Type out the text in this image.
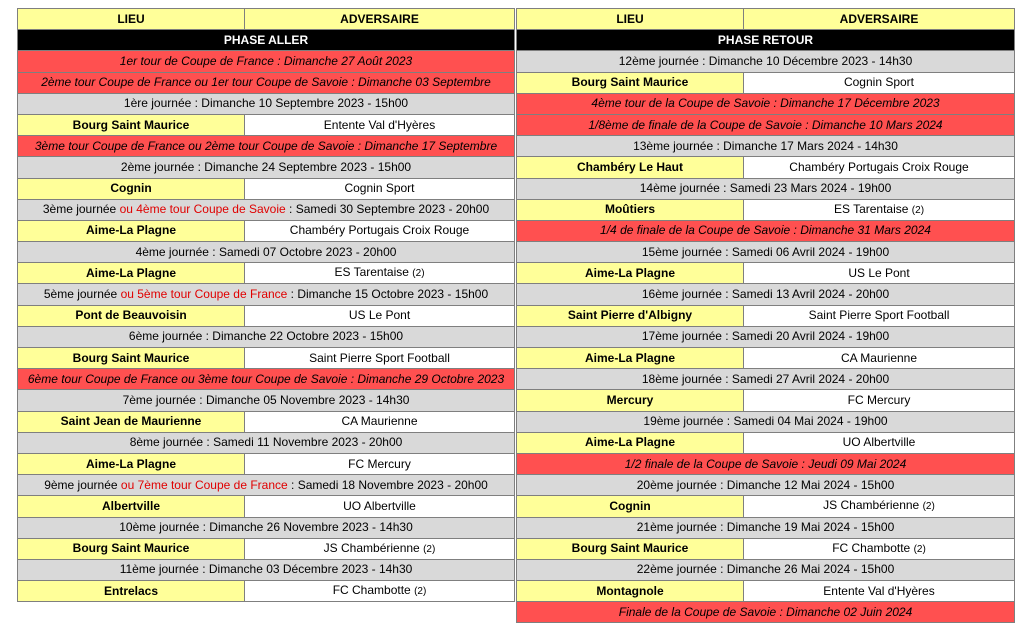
LIEU	ADVERSAIRE
PHASE ALLER	
1er tour de Coupe de France : Dimanche 27 Août 2023	
2ème tour Coupe de France ou 1er tour Coupe de Savoie : Dimanche 03 Septembre	
1ère journée : Dimanche 10 Septembre 2023 - 15h00	
Bourg Saint Maurice	Entente Val d'Hyères
3ème tour Coupe de France ou 2ème tour Coupe de Savoie : Dimanche 17 Septembre	
2ème journée : Dimanche 24 Septembre 2023 - 15h00	
Cognin	Cognin Sport
3ème journée ou 4ème tour Coupe de Savoie : Samedi 30 Septembre 2023 - 20h00	
Aime-La Plagne	Chambéry Portugais Croix Rouge
4ème journée : Samedi 07 Octobre 2023 - 20h00	
Aime-La Plagne	ES Tarentaise (2)
5ème journée ou 5ème tour Coupe de France : Dimanche 15 Octobre 2023 - 15h00	
Pont de Beauvoisin	US Le Pont
6ème journée : Dimanche 22 Octobre 2023 - 15h00	
Bourg Saint Maurice	Saint Pierre Sport Football
6ème tour Coupe de France ou 3ème tour Coupe de Savoie : Dimanche 29 Octobre 2023	
7ème journée : Dimanche 05 Novembre 2023 - 14h30	
Saint Jean de Maurienne	CA Maurienne
8ème journée : Samedi 11 Novembre 2023 - 20h00	
Aime-La Plagne	FC Mercury
9ème journée ou 7ème tour Coupe de France : Samedi 18 Novembre 2023 - 20h00	
Albertville	UO Albertville
10ème journée : Dimanche 26 Novembre 2023 - 14h30	
Bourg Saint Maurice	JS Chambérienne (2)
11ème journée : Dimanche 03 Décembre 2023 - 14h30	
Entrelacs	FC Chambotte (2)
LIEU	ADVERSAIRE
PHASE RETOUR	
12ème journée : Dimanche 10 Décembre 2023 - 14h30	
Bourg Saint Maurice	Cognin Sport
4ème tour de la Coupe de Savoie : Dimanche 17 Décembre 2023	
1/8ème de finale de la Coupe de Savoie : Dimanche 10 Mars 2024	
13ème journée : Dimanche 17 Mars 2024 - 14h30	
Chambéry Le Haut	Chambéry Portugais Croix Rouge
14ème journée : Samedi 23 Mars 2024 - 19h00	
Moûtiers	ES Tarentaise (2)
1/4 de finale de la Coupe de Savoie : Dimanche 31 Mars 2024	
15ème journée : Samedi 06 Avril 2024 - 19h00	
Aime-La Plagne	US Le Pont
16ème journée : Samedi 13 Avril 2024 - 20h00	
Saint Pierre d'Albigny	Saint Pierre Sport Football
17ème journée : Samedi 20 Avril 2024 - 19h00	
Aime-La Plagne	CA Maurienne
18ème journée : Samedi 27 Avril 2024 - 20h00	
Mercury	FC Mercury
19ème journée : Samedi 04 Mai 2024 - 19h00	
Aime-La Plagne	UO Albertville
1/2 finale de la Coupe de Savoie : Jeudi 09 Mai 2024	
20ème journée : Dimanche 12 Mai 2024 - 15h00	
Cognin	JS Chambérienne (2)
21ème journée : Dimanche 19 Mai 2024 - 15h00	
Bourg Saint Maurice	FC Chambotte (2)
22ème journée : Dimanche 26 Mai 2024 - 15h00	
Montagnole	Entente Val d'Hyères
Finale de la Coupe de Savoie : Dimanche 02 Juin 2024	
